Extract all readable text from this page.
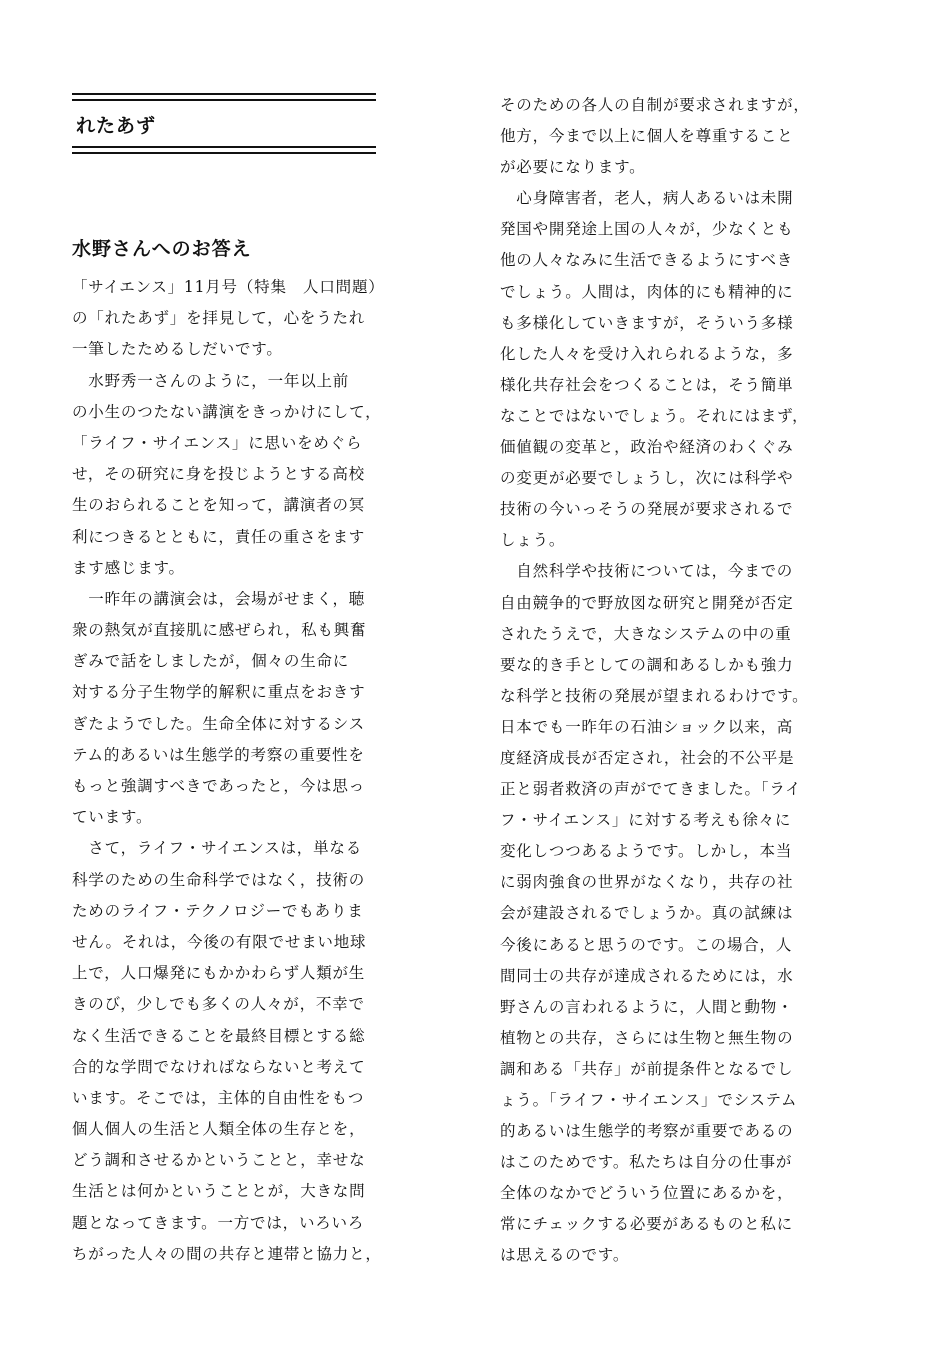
れたあず
水野さんへのお答え
「サイエンス」11月号（特集　人口問題）
の「れたあず」を拝見して，心をうたれ
一筆したためるしだいです。
　水野秀一さんのように，一年以上前
の小生のつたない講演をきっかけにして，
「ライフ・サイエンス」に思いをめぐら
せ，その研究に身を投じようとする高校
生のおられることを知って，講演者の冥
利につきるとともに，責任の重さをます
ます感じます。
　一昨年の講演会は，会場がせまく，聴
衆の熱気が直接肌に感ぜられ，私も興奮
ぎみで話をしましたが，個々の生命に
対する分子生物学的解釈に重点をおきす
ぎたようでした。生命全体に対するシス
テム的あるいは生態学的考察の重要性を
もっと強調すべきであったと，今は思っ
ています。
　さて，ライフ・サイエンスは，単なる
科学のための生命科学ではなく，技術の
ためのライフ・テクノロジーでもありま
せん。それは，今後の有限でせまい地球
上で，人口爆発にもかかわらず人類が生
きのび，少しでも多くの人々が，不幸で
なく生活できることを最終目標とする総
合的な学問でなければならないと考えて
います。そこでは，主体的自由性をもつ
個人個人の生活と人類全体の生存とを，
どう調和させるかということと，幸せな
生活とは何かということとが，大きな問
題となってきます。一方では，いろいろ
ちがった人々の間の共存と連帯と協力と，
そのための各人の自制が要求されますが，
他方，今まで以上に個人を尊重すること
が必要になります。
　心身障害者，老人，病人あるいは未開
発国や開発途上国の人々が，少なくとも
他の人々なみに生活できるようにすべき
でしょう。人間は，肉体的にも精神的に
も多様化していきますが，そういう多様
化した人々を受け入れられるような，多
様化共存社会をつくることは，そう簡単
なことではないでしょう。それにはまず，
価値観の変革と，政治や経済のわくぐみ
の変更が必要でしょうし，次には科学や
技術の今いっそうの発展が要求されるで
しょう。
　自然科学や技術については，今までの
自由競争的で野放図な研究と開発が否定
されたうえで，大きなシステムの中の重
要な的き手としての調和あるしかも強力
な科学と技術の発展が望まれるわけです。
日本でも一昨年の石油ショック以来，高
度経済成長が否定され，社会的不公平是
正と弱者救済の声がでてきました。「ライ
フ・サイエンス」に対する考えも徐々に
変化しつつあるようです。しかし，本当
に弱肉強食の世界がなくなり，共存の社
会が建設されるでしょうか。真の試練は
今後にあると思うのです。この場合，人
間同士の共存が達成されるためには，水
野さんの言われるように，人間と動物・
植物との共存，さらには生物と無生物の
調和ある「共存」が前提条件となるでし
ょう。「ライフ・サイエンス」でシステム
的あるいは生態学的考察が重要であるの
はこのためです。私たちは自分の仕事が
全体のなかでどういう位置にあるかを，
常にチェックする必要があるものと私に
は思えるのです。
